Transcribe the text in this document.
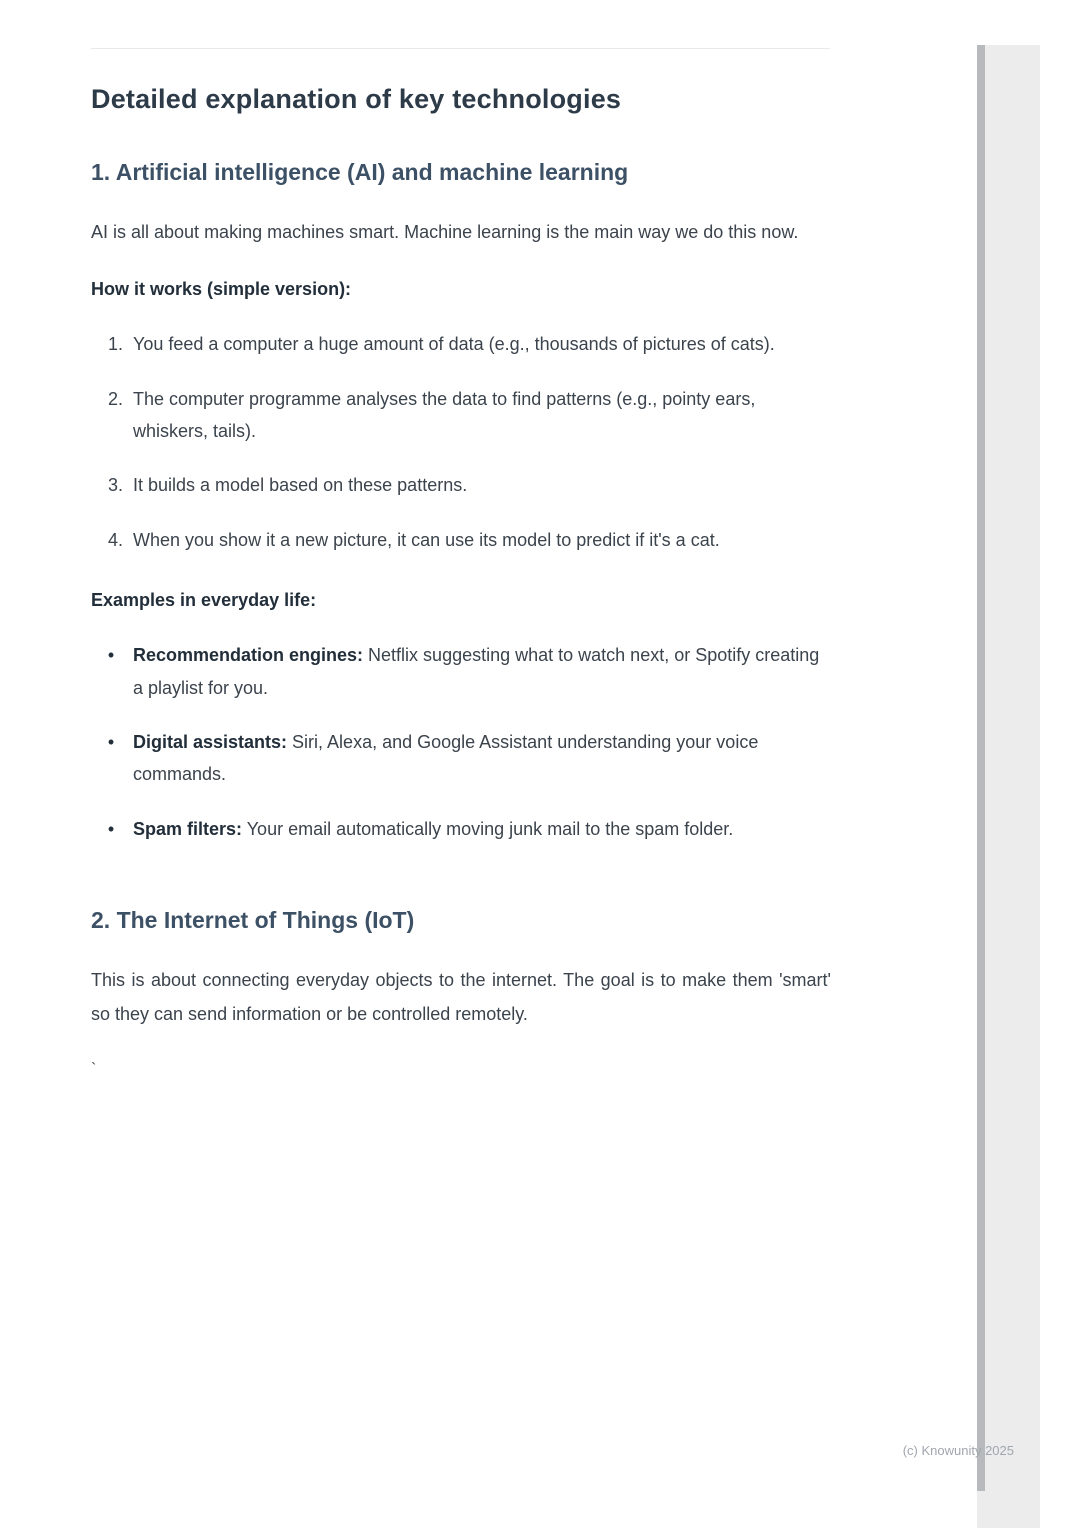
Detailed explanation of key technologies
1. Artificial intelligence (AI) and machine learning

AI is all about making machines smart. Machine learning is the main way we do this now.

How it works (simple version):
1. You feed a computer a huge amount of data (e.g., thousands of pictures of cats).
2. The computer programme analyses the data to find patterns (e.g., pointy ears, whiskers, tails).
3. It builds a model based on these patterns.
4. When you show it a new picture, it can use its model to predict if it's a cat.
Examples in everyday life:
• Recommendation engines: Netflix suggesting what to watch next, or Spotify creating a playlist for you.
• Digital assistants: Siri, Alexa, and Google Assistant understanding your voice commands.
• Spam filters: Your email automatically moving junk mail to the spam folder.
2. The Internet of Things (IoT)

This is about connecting everyday objects to the internet. The goal is to make them 'smart' so they can send information or be controlled remotely.

`
(c) Knowunity 2025
